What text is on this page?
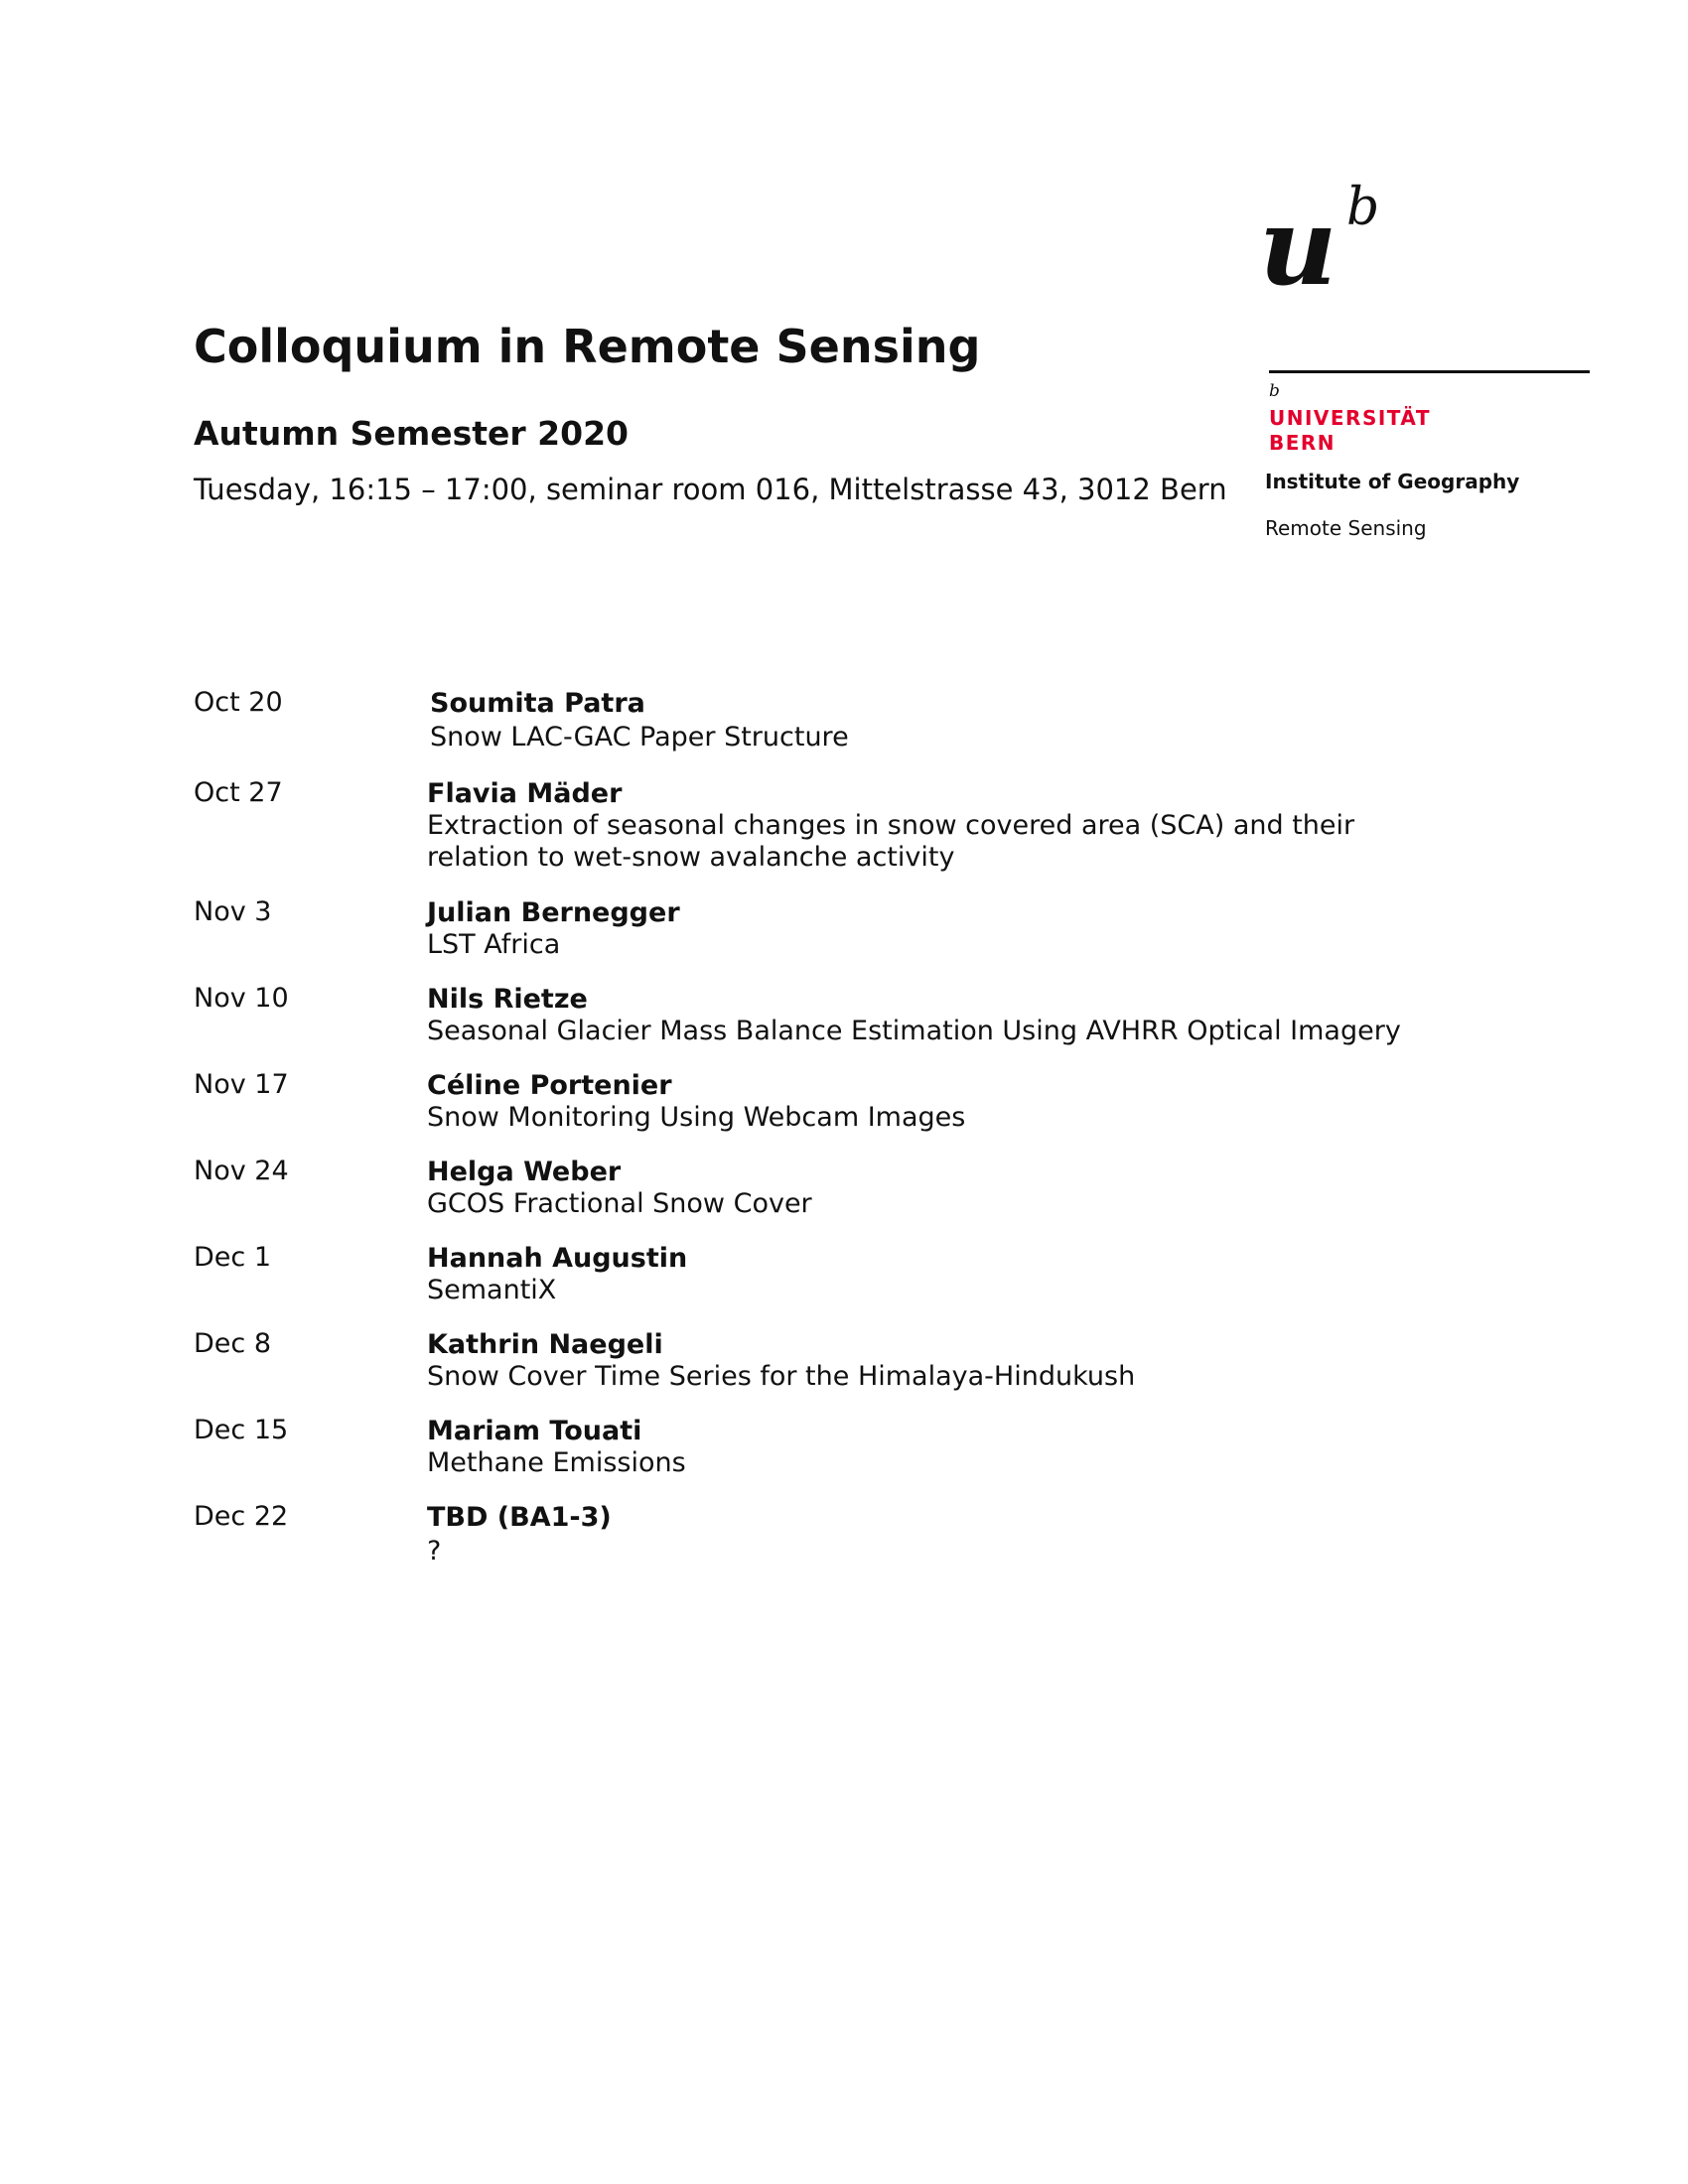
Colloquium in Remote Sensing
Autumn Semester 2020

Tuesday, 16:15 – 17:00, seminar room 016, Mittelstrasse 43, 3012 Bern

u b
b
UNIVERSITÄT
BERN
Institute of Geography
Remote Sensing
Oct 20	Soumita Patra
Snow LAC-GAC Paper Structure
Oct 27	Flavia Mäder
Extraction of seasonal changes in snow covered area (SCA) and their relation to wet-snow avalanche activity
Nov 3	Julian Bernegger
LST Africa
Nov 10	Nils Rietze
Seasonal Glacier Mass Balance Estimation Using AVHRR Optical Imagery
Nov 17	Céline Portenier
Snow Monitoring Using Webcam Images
Nov 24	Helga Weber
GCOS Fractional Snow Cover
Dec 1	Hannah Augustin
SemantiX
Dec 8	Kathrin Naegeli
Snow Cover Time Series for the Himalaya-Hindukush
Dec 15	Mariam Touati
Methane Emissions
Dec 22	TBD (BA1-3)
?
